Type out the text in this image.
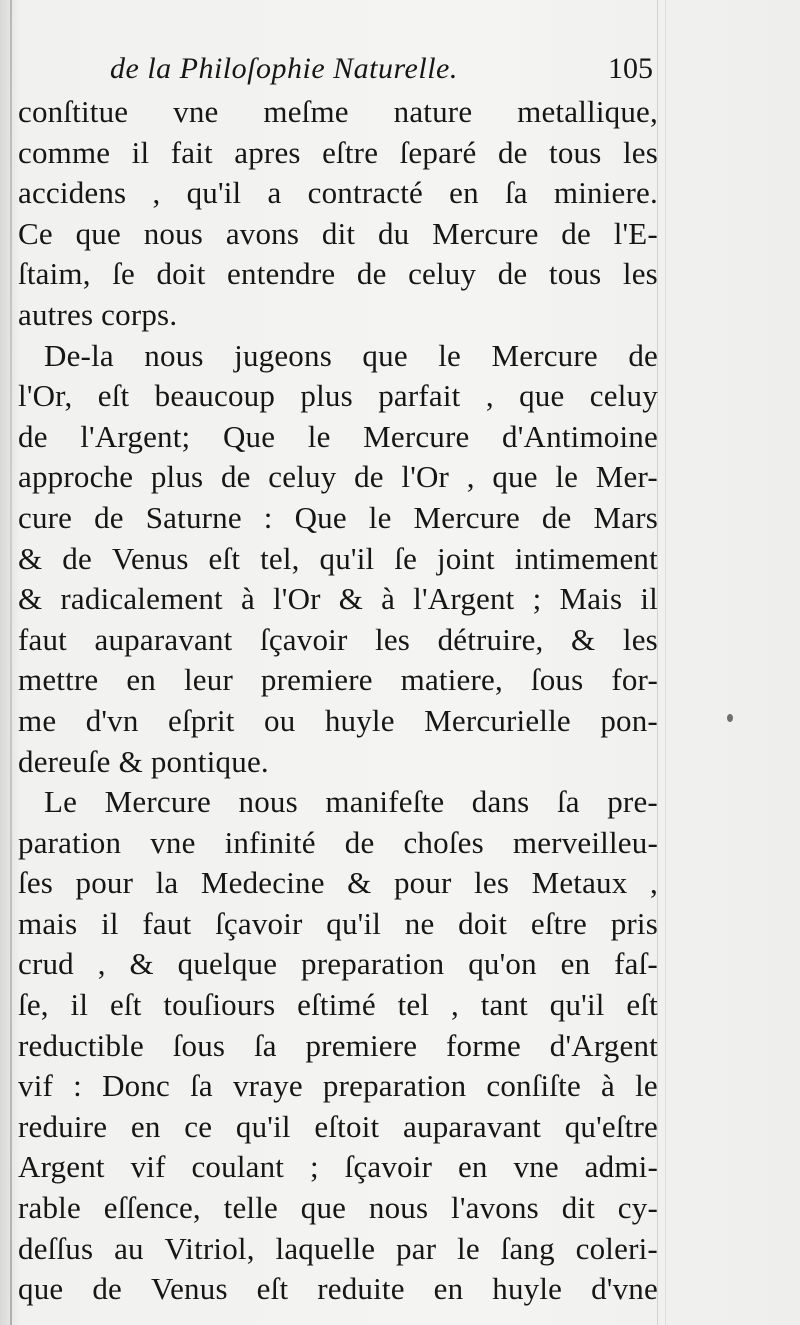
de la Philoſophie Naturelle.	105
conſtitue vne meſme nature metallique,
comme il fait apres eſtre ſeparé de tous les
accidens , qu'il a contracté en ſa miniere.
Ce que nous avons dit du Mercure de l'E-
ſtaim, ſe doit entendre de celuy de tous les
autres corps.
De-la nous jugeons que le Mercure de
l'Or, eſt beaucoup plus parfait , que celuy
de l'Argent; Que le Mercure d'Antimoine
approche plus de celuy de l'Or , que le Mer-
cure de Saturne : Que le Mercure de Mars
& de Venus eſt tel, qu'il ſe joint intimement
& radicalement à l'Or & à l'Argent ; Mais il
faut auparavant ſçavoir les détruire, & les
mettre en leur premiere matiere, ſous for-
me d'vn eſprit ou huyle Mercurielle pon-
dereuſe & pontique.
Le Mercure nous manifeſte dans ſa pre-
paration vne infinité de choſes merveilleu-
ſes pour la Medecine & pour les Metaux ,
mais il faut ſçavoir qu'il ne doit eſtre pris
crud , & quelque preparation qu'on en faſ-
ſe, il eſt touſiours eſtimé tel , tant qu'il eſt
reductible ſous ſa premiere forme d'Argent
vif : Donc ſa vraye preparation conſiſte à le
reduire en ce qu'il eſtoit auparavant qu'eſtre
Argent vif coulant ; ſçavoir en vne admi-
rable eſſence, telle que nous l'avons dit cy-
deſſus au Vitriol, laquelle par le ſang coleri-
que de Venus eſt reduite en huyle d'vne
